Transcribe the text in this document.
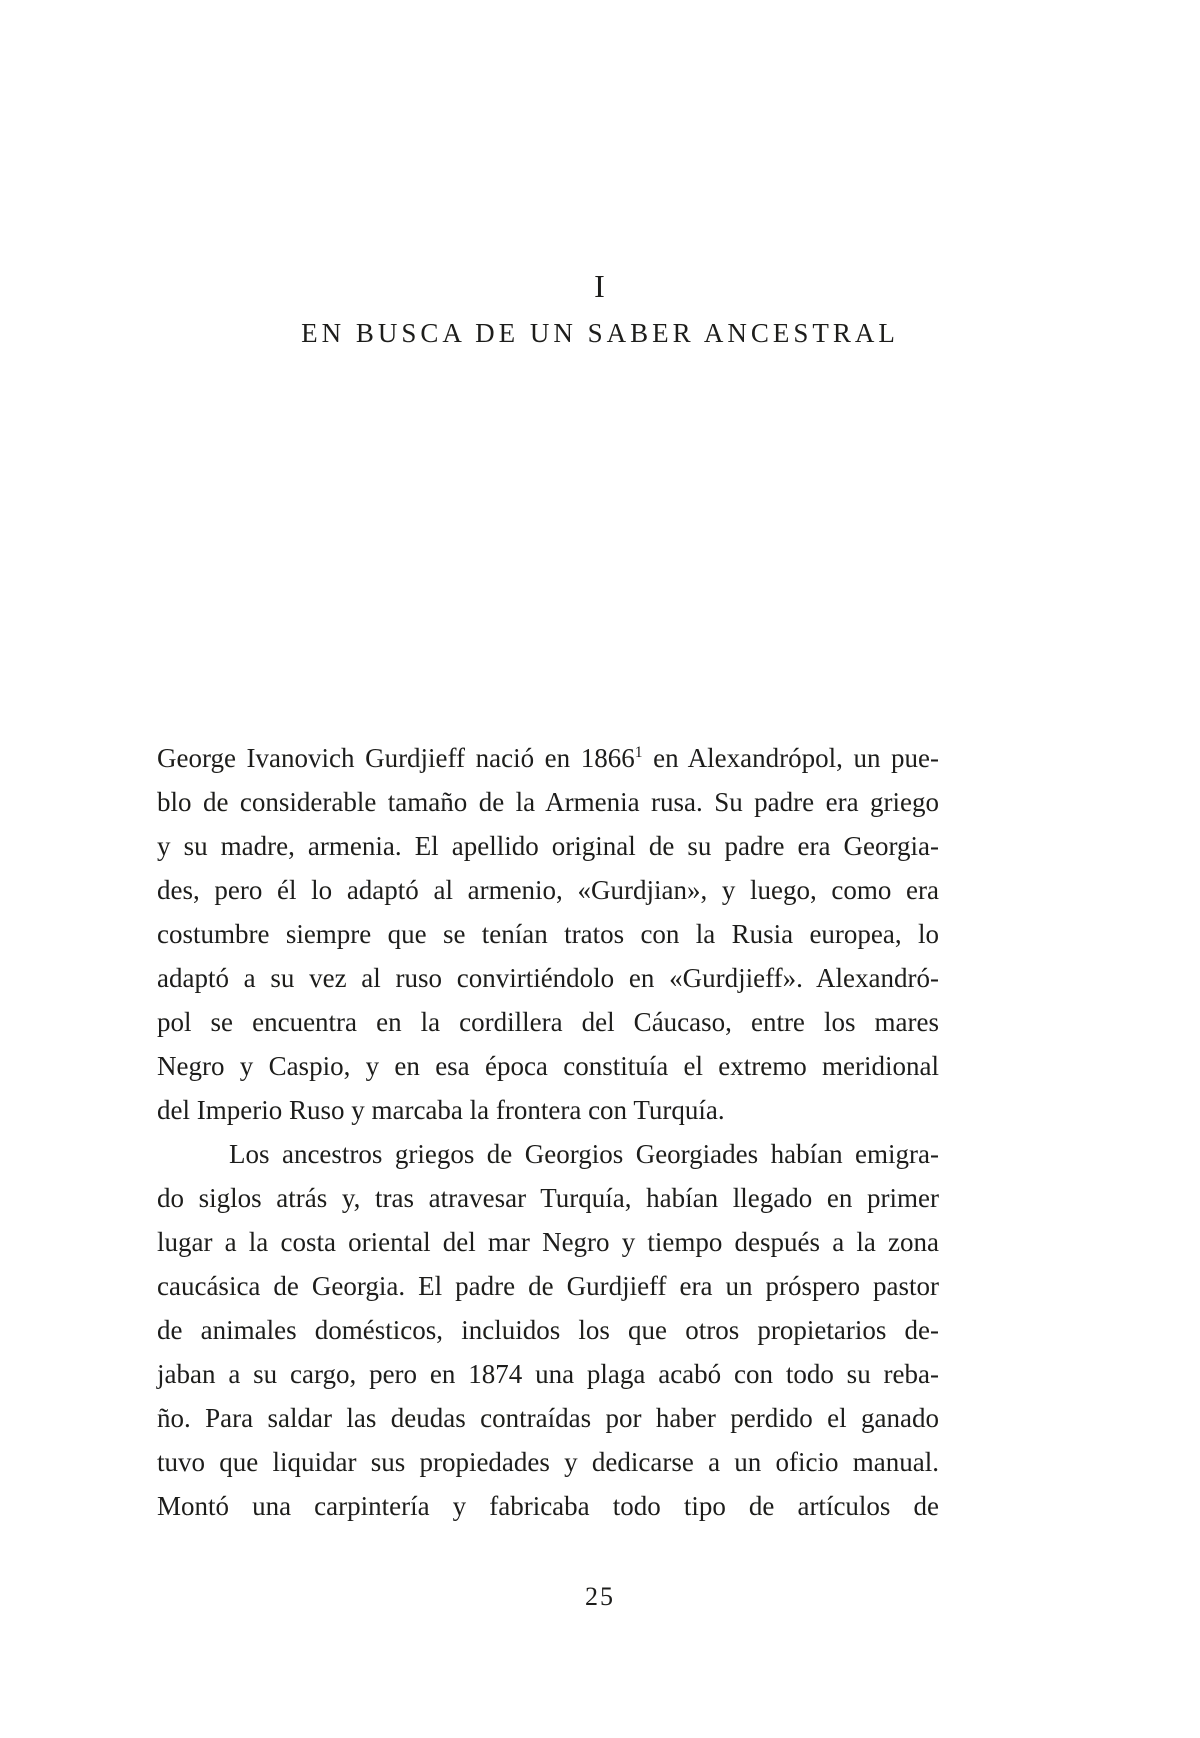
I
EN BUSCA DE UN SABER ANCESTRAL
George Ivanovich Gurdjieff nació en 1866$^1$ en Alexandrópol, un pue-
blo de considerable tamaño de la Armenia rusa. Su padre era griego
y su madre, armenia. El apellido original de su padre era Georgia-
des, pero él lo adaptó al armenio, «Gurdjian», y luego, como era
costumbre siempre que se tenían tratos con la Rusia europea, lo
adaptó a su vez al ruso convirtiéndolo en «Gurdjieff». Alexandró-
pol se encuentra en la cordillera del Cáucaso, entre los mares
Negro y Caspio, y en esa época constituía el extremo meridional
del Imperio Ruso y marcaba la frontera con Turquía.
Los ancestros griegos de Georgios Georgiades habían emigra-
do siglos atrás y, tras atravesar Turquía, habían llegado en primer
lugar a la costa oriental del mar Negro y tiempo después a la zona
caucásica de Georgia. El padre de Gurdjieff era un próspero pastor
de animales domésticos, incluidos los que otros propietarios de-
jaban a su cargo, pero en 1874 una plaga acabó con todo su reba-
ño. Para saldar las deudas contraídas por haber perdido el ganado
tuvo que liquidar sus propiedades y dedicarse a un oficio manual.
Montó una carpintería y fabricaba todo tipo de artículos de
25
